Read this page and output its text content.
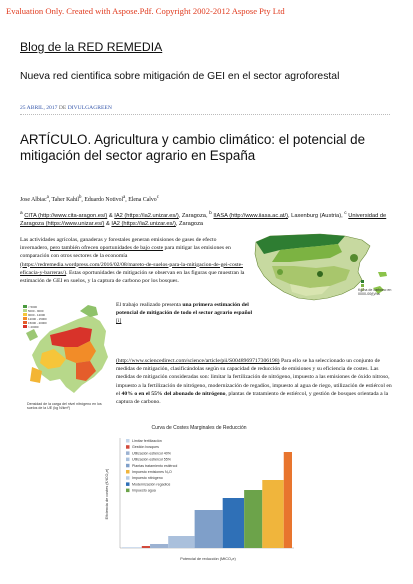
Evaluation Only. Created with Aspose.Pdf. Copyright 2002-2012 Aspose Pty Ltd
Blog de la RED REMEDIA
Nueva red cientifica sobre mitigación de GEI en el sector agroforestal
25 ABRIL, 2017 DE DIVULGAGREEN
ARTÍCULO. Agricultura y cambio climático: el potencial de mitigación del sector agrario en España
Jose Albiac$^a$, Taher Kahil$^b$, Eduardo Notivol$^a$, Elena Calvo$^c$
$^a$ CITA (http://www.cita-aragon.es/) & IA2 (https://ia2.unizar.es/), Zaragoza, $^b$ IIASA (http://www.iiasa.ac.at/), Laxenburg (Austria), $^c$ Universidad de Zaragoza (https://www.unizar.es/) & IA2 (https://ia2.unizar.es/), Zaragoza
Las actividades agrícolas, ganaderas y forestales generan emisiones de gases de efecto invernadero, pero también ofrecen oportunidades de bajo coste para mitigar las emisiones en comparación con otros sectores de la economía (https://redremedia.wordpress.com/2016/02/08/mareto-de-suelos-para-la-mitigacion-de-gei-coste-eficacia-y-barreras/). Estas oportunidades de mitigación se observan en las figuras que muestran la estimación de GEI en suelos, y la captura de carbono por los bosques.
Kg/ha de carbono en 0000-00(t)/ha
< 5000
5000 - 9000
9000 - 12000
12000 - 15000
15000 - 20000
> 20000
Densidad de la carga del nivel nitrógeno en los suelos de la UE (kg N/km²)
El trabajo realizado presenta una primera estimación del potencial de mitigación de todo el sector agrario español [i]
(http://www.sciencedirect.com/science/article/pii/S0048969717306198) Para ello se ha seleccionado un conjunto de medidas de mitigación, clasificándolas según su capacidad de reducción de emisiones y su eficiencia de costes. Las medidas de mitigación consideradas son: limitar la fertilización de nitrógeno, impuesto a las emisiones de óxido nitroso, impuesto a la fertilización de nitrógeno, modernización de regadíos, impuesto al agua de riego, utilización de estiércol en el 40% o en el 55% del abonado de nitrógeno, plantas de tratamiento de estiércol, y gestión de bosques orientada a la captura de carbono.
Curva de Costes Marginales de Reducción
Eficiencia de costes (€/tCO₂e)
Potencial de reducción (MtCO₂e)
Limitar fertilización
Gestión bosques
Utilización estiércol 40%
Utilización estiércol 55%
Plantas tratamiento estiércol
Impuesto emisiones N₂O
Impuesto nitrógeno
Modernización regadíos
Impuesto agua
